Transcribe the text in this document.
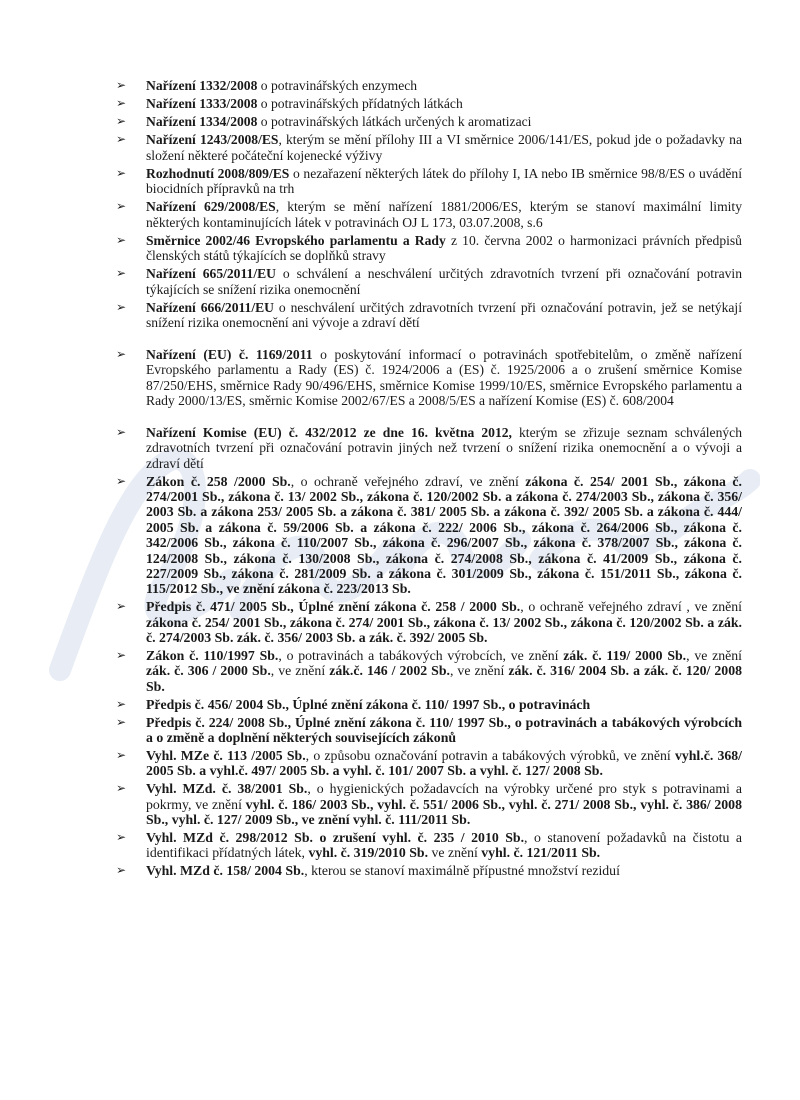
➢ Nařízení 1332/2008 o potravinářských enzymech
➢ Nařízení 1333/2008 o potravinářských přídatných látkách
➢ Nařízení 1334/2008 o potravinářských látkách určených k aromatizaci
➢ Nařízení 1243/2008/ES, kterým se mění přílohy III a VI směrnice 2006/141/ES, pokud jde o požadavky na složení některé počáteční kojenecké výživy
➢ Rozhodnutí 2008/809/ES o nezařazení některých látek do přílohy I, IA nebo IB směrnice 98/8/ES o uvádění biocidních přípravků na trh
➢ Nařízení 629/2008/ES, kterým se mění nařízení 1881/2006/ES, kterým se stanoví maximální limity některých kontaminujících látek v potravinách OJ L 173, 03.07.2008, s.6
➢ Směrnice 2002/46 Evropského parlamentu a Rady z 10. června 2002 o harmonizaci právních předpisů členských států týkajících se doplňků stravy
➢ Nařízení 665/2011/EU o schválení a neschválení určitých zdravotních tvrzení při označování potravin týkajících se snížení rizika onemocnění
➢ Nařízení 666/2011/EU o neschválení určitých zdravotních tvrzení při označování potravin, jež se netýkají snížení rizika onemocnění ani vývoje a zdraví dětí
➢ Nařízení (EU) č. 1169/2011 o poskytování informací o potravinách spotřebitelům, o změně nařízení Evropského parlamentu a Rady (ES) č. 1924/2006 a (ES) č. 1925/2006 a o zrušení směrnice Komise 87/250/EHS, směrnice Rady 90/496/EHS, směrnice Komise 1999/10/ES, směrnice Evropského parlamentu a Rady 2000/13/ES, směrnic Komise 2002/67/ES a 2008/5/ES a nařízení Komise (ES) č. 608/2004
➢ Nařízení Komise (EU) č. 432/2012 ze dne 16. května 2012, kterým se zřizuje seznam schválených zdravotních tvrzení při označování potravin jiných než tvrzení o snížení rizika onemocnění a o vývoji a zdraví dětí
➢ Zákon č. 258 /2000 Sb., o ochraně veřejného zdraví, ve znění zákona č. 254/ 2001 Sb., zákona č. 274/2001 Sb., zákona č. 13/ 2002 Sb., zákona č. 120/2002 Sb. a zákona č. 274/2003 Sb., zákona č. 356/ 2003 Sb. a zákona 253/ 2005 Sb. a zákona č. 381/ 2005 Sb. a zákona č. 392/ 2005 Sb. a zákona č. 444/ 2005 Sb. a zákona č. 59/2006 Sb. a zákona č. 222/ 2006 Sb., zákona č. 264/2006 Sb., zákona č. 342/2006 Sb., zákona č. 110/2007 Sb., zákona č. 296/2007 Sb., zákona č. 378/2007 Sb., zákona č. 124/2008 Sb., zákona č. 130/2008 Sb., zákona č. 274/2008 Sb., zákona č. 41/2009 Sb., zákona č. 227/2009 Sb., zákona č. 281/2009 Sb. a zákona č. 301/2009 Sb., zákona č. 151/2011 Sb., zákona č. 115/2012 Sb., ve znění zákona č. 223/2013 Sb.
➢ Předpis č. 471/ 2005 Sb., Úplné znění zákona č. 258 / 2000 Sb., o ochraně veřejného zdraví , ve znění zákona č. 254/ 2001 Sb., zákona č. 274/ 2001 Sb., zákona č. 13/ 2002 Sb., zákona č. 120/2002 Sb. a zák. č. 274/2003 Sb. zák. č. 356/ 2003 Sb. a zák. č. 392/ 2005 Sb.
➢ Zákon č. 110/1997 Sb., o potravinách a tabákových výrobcích, ve znění zák. č. 119/ 2000 Sb., ve znění zák. č. 306 / 2000 Sb., ve znění zák.č. 146 / 2002 Sb., ve znění zák. č. 316/ 2004 Sb. a zák. č. 120/ 2008 Sb.
➢ Předpis č. 456/ 2004 Sb., Úplné znění zákona č. 110/ 1997 Sb., o potravinách
➢ Předpis č. 224/ 2008 Sb., Úplné znění zákona č. 110/ 1997 Sb., o potravinách a tabákových výrobcích a o změně a doplnění některých souvisejících zákonů
➢ Vyhl. MZe č. 113 /2005 Sb., o způsobu označování potravin a tabákových výrobků, ve znění vyhl.č. 368/ 2005 Sb. a vyhl.č. 497/ 2005 Sb. a vyhl. č. 101/ 2007 Sb. a vyhl. č. 127/ 2008 Sb.
➢ Vyhl. MZd. č. 38/2001 Sb., o hygienických požadavcích na výrobky určené pro styk s potravinami a pokrmy, ve znění vyhl. č. 186/ 2003 Sb., vyhl. č. 551/ 2006 Sb., vyhl. č. 271/ 2008 Sb., vyhl. č. 386/ 2008 Sb., vyhl. č. 127/ 2009 Sb., ve znění vyhl. č. 111/2011 Sb.
➢ Vyhl. MZd č. 298/2012 Sb. o zrušení vyhl. č. 235 / 2010 Sb., o stanovení požadavků na čistotu a identifikaci přídatných látek, vyhl. č. 319/2010 Sb. ve znění vyhl. č. 121/2011 Sb.
➢ Vyhl. MZd č. 158/ 2004 Sb., kterou se stanoví maximálně přípustné množství reziduí
